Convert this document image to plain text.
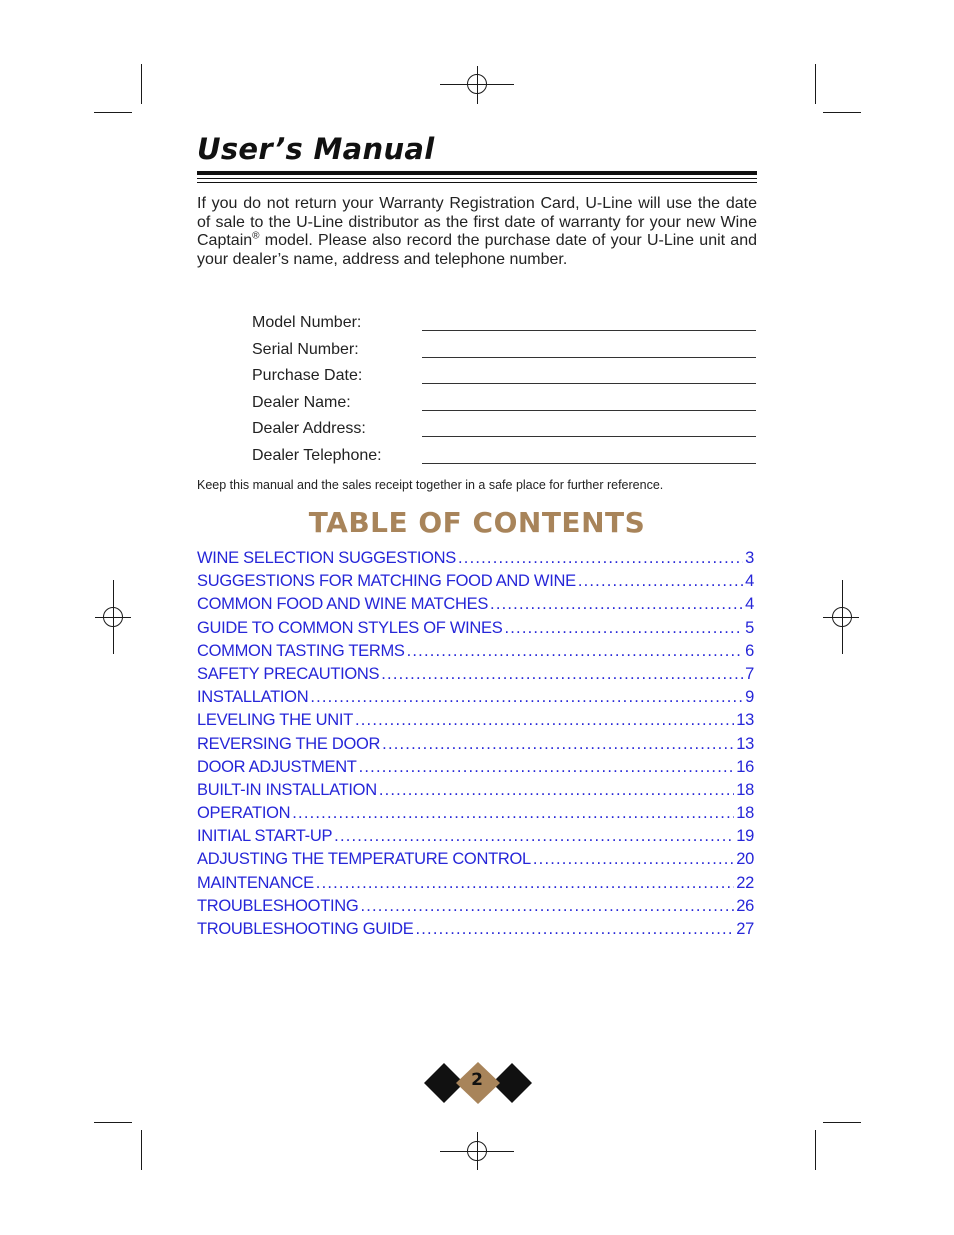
User’s Manual
If you do not return your Warranty Registration Card, U-Line will use the date of sale to the U-Line distributor as the first date of warranty for your new Wine Captain® model. Please also record the purchase date of your U-Line unit and your dealer’s name, address and telephone number.
Model Number:
Serial Number:
Purchase Date:
Dealer Name:
Dealer Address:
Dealer Telephone:
Keep this manual and the sales receipt together in a safe place for further reference.
TABLE OF CONTENTS
WINE SELECTION SUGGESTIONS .....	3
SUGGESTIONS FOR MATCHING FOOD AND WINE .....	4
COMMON FOOD AND WINE MATCHES .....	4
GUIDE TO COMMON STYLES OF WINES .....	5
COMMON TASTING TERMS .....	6
SAFETY PRECAUTIONS .....	7
INSTALLATION .....	9
LEVELING THE UNIT .....	13
REVERSING THE DOOR .....	13
DOOR ADJUSTMENT .....	16
BUILT-IN INSTALLATION .....	18
OPERATION .....	18
INITIAL START-UP .....	19
ADJUSTING THE TEMPERATURE CONTROL .....	20
MAINTENANCE .....	22
TROUBLESHOOTING .....	26
TROUBLESHOOTING GUIDE .....	27
2
